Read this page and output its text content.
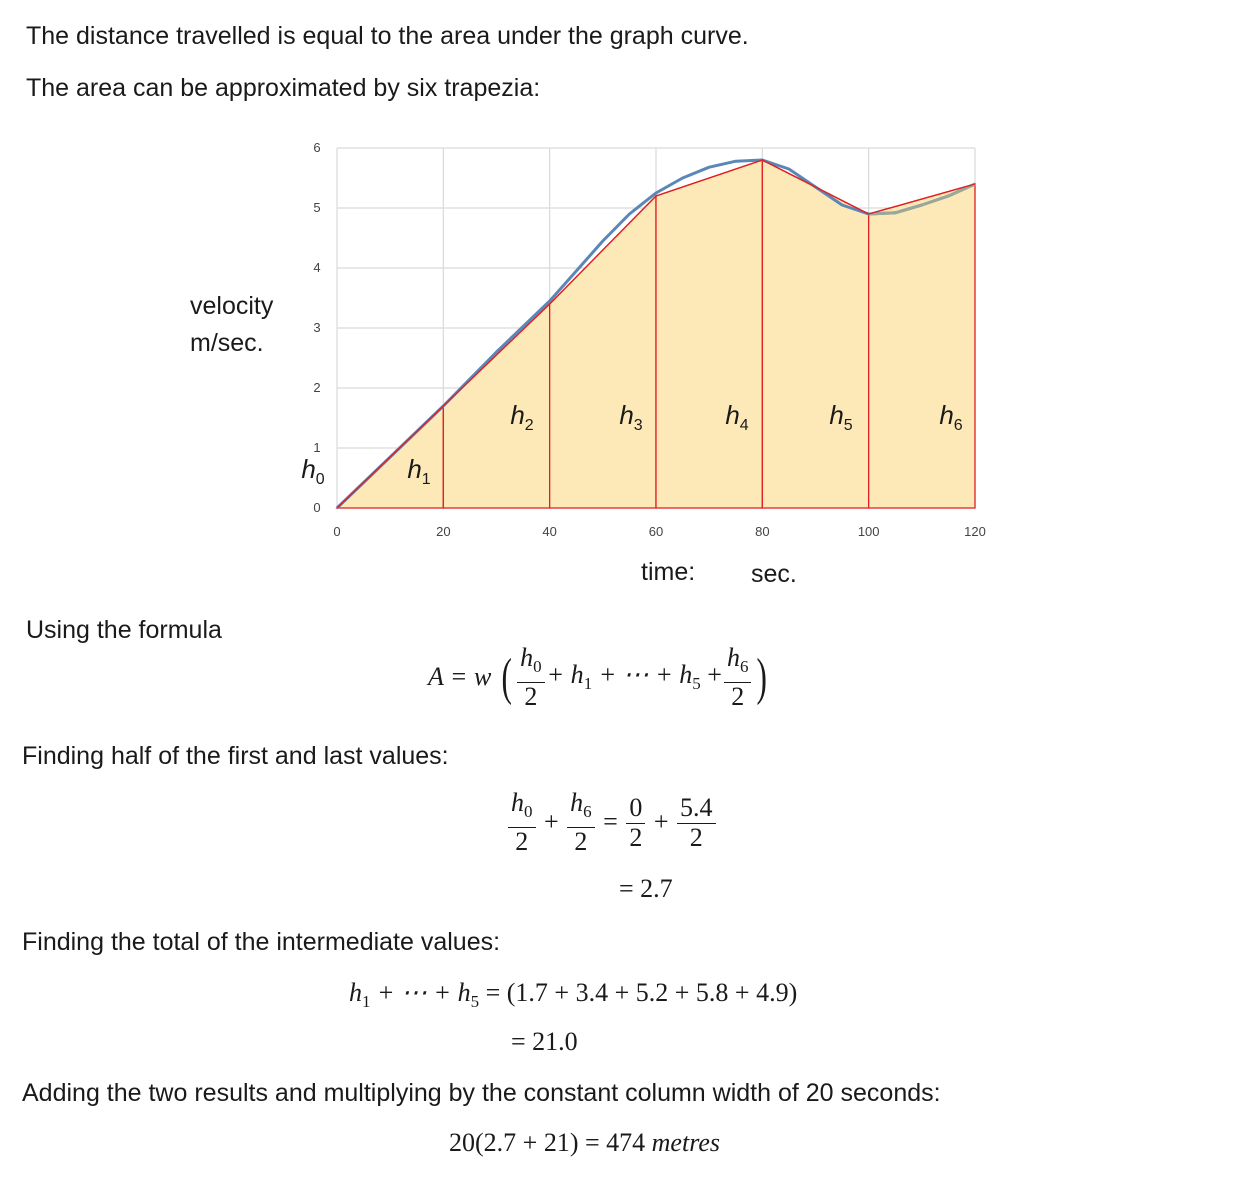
The distance travelled is equal to the area under the graph curve.
The area can be approximated by six trapezia:
0
1
2
3
4
5
6
0	20	40	60	80	100	120
$h_0$	$h_1$
$h_2$	$h_3$	$h_4$	$h_5$	$h_6$
velocity
m/sec.
time: sec.
Using the formula
A = w ( $\frac{h_0}{2} + h_1$ + ⋯ + $h_5 + \frac{h_6}{2}$ )
Finding half of the first and last values:
$\frac{h_0}{2} + \frac{h_6}{2} = \frac{0}{2} + \frac{5.4}{2}$
= 2.7
Finding the total of the intermediate values:
$h_1$ + ⋯ + $h_5 = (1.7 + 3.4 + 5.2 + 5.8 + 4.9)$
= 21.0
Adding the two results and multiplying by the constant column width of 20 seconds:
20(2.7 + 21) = 474 metres
